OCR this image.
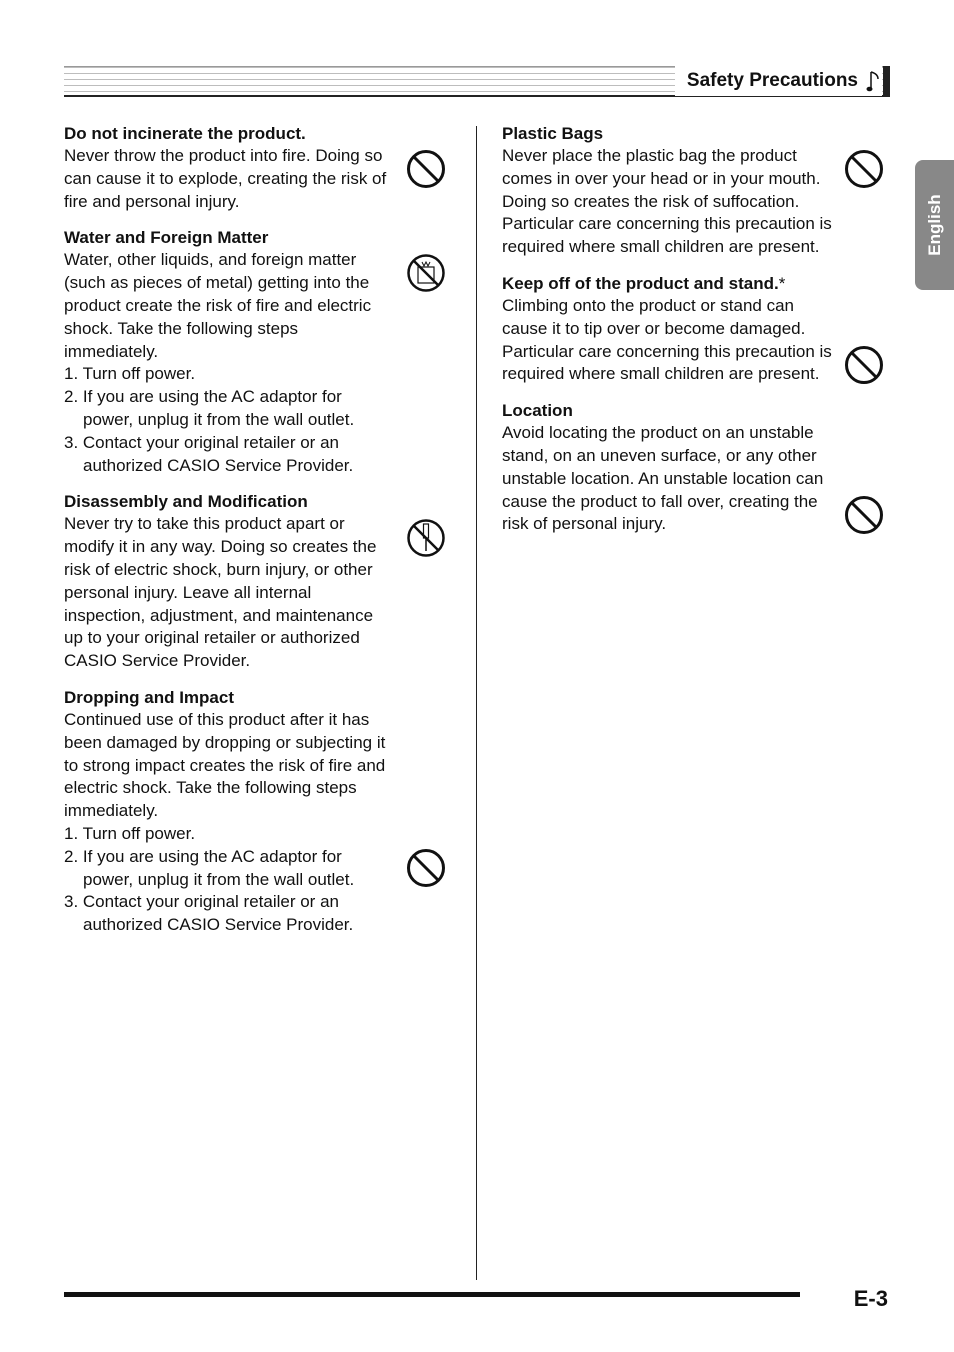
Safety Precautions
English
Do not incinerate the product.

Never throw the product into fire. Doing so can cause it to explode, creating the risk of fire and personal injury.

Water and Foreign Matter

Water, other liquids, and foreign matter (such as pieces of metal) getting into the product create the risk of fire and electric shock. Take the following steps immediately.

1. Turn off power.
2. If you are using the AC adaptor for power, unplug it from the wall outlet.
3. Contact your original retailer or an authorized CASIO Service Provider.
Disassembly and Modification

Never try to take this product apart or modify it in any way. Doing so creates the risk of electric shock, burn injury, or other personal injury. Leave all internal inspection, adjustment, and maintenance up to your original retailer or authorized CASIO Service Provider.

Dropping and Impact

Continued use of this product after it has been damaged by dropping or subjecting it to strong impact creates the risk of fire and electric shock. Take the following steps immediately.

1. Turn off power.
2. If you are using the AC adaptor for power, unplug it from the wall outlet.
3. Contact your original retailer or an authorized CASIO Service Provider.
Plastic Bags

Never place the plastic bag the product comes in over your head or in your mouth. Doing so creates the risk of suffocation.

Particular care concerning this precaution is required where small children are present.

Keep off of the product and stand.*

Climbing onto the product or stand can cause it to tip over or become damaged. Particular care concerning this precaution is required where small children are present.

Location

Avoid locating the product on an unstable stand, on an uneven surface, or any other unstable location. An unstable location can cause the product to fall over, creating the risk of personal injury.

E-3
